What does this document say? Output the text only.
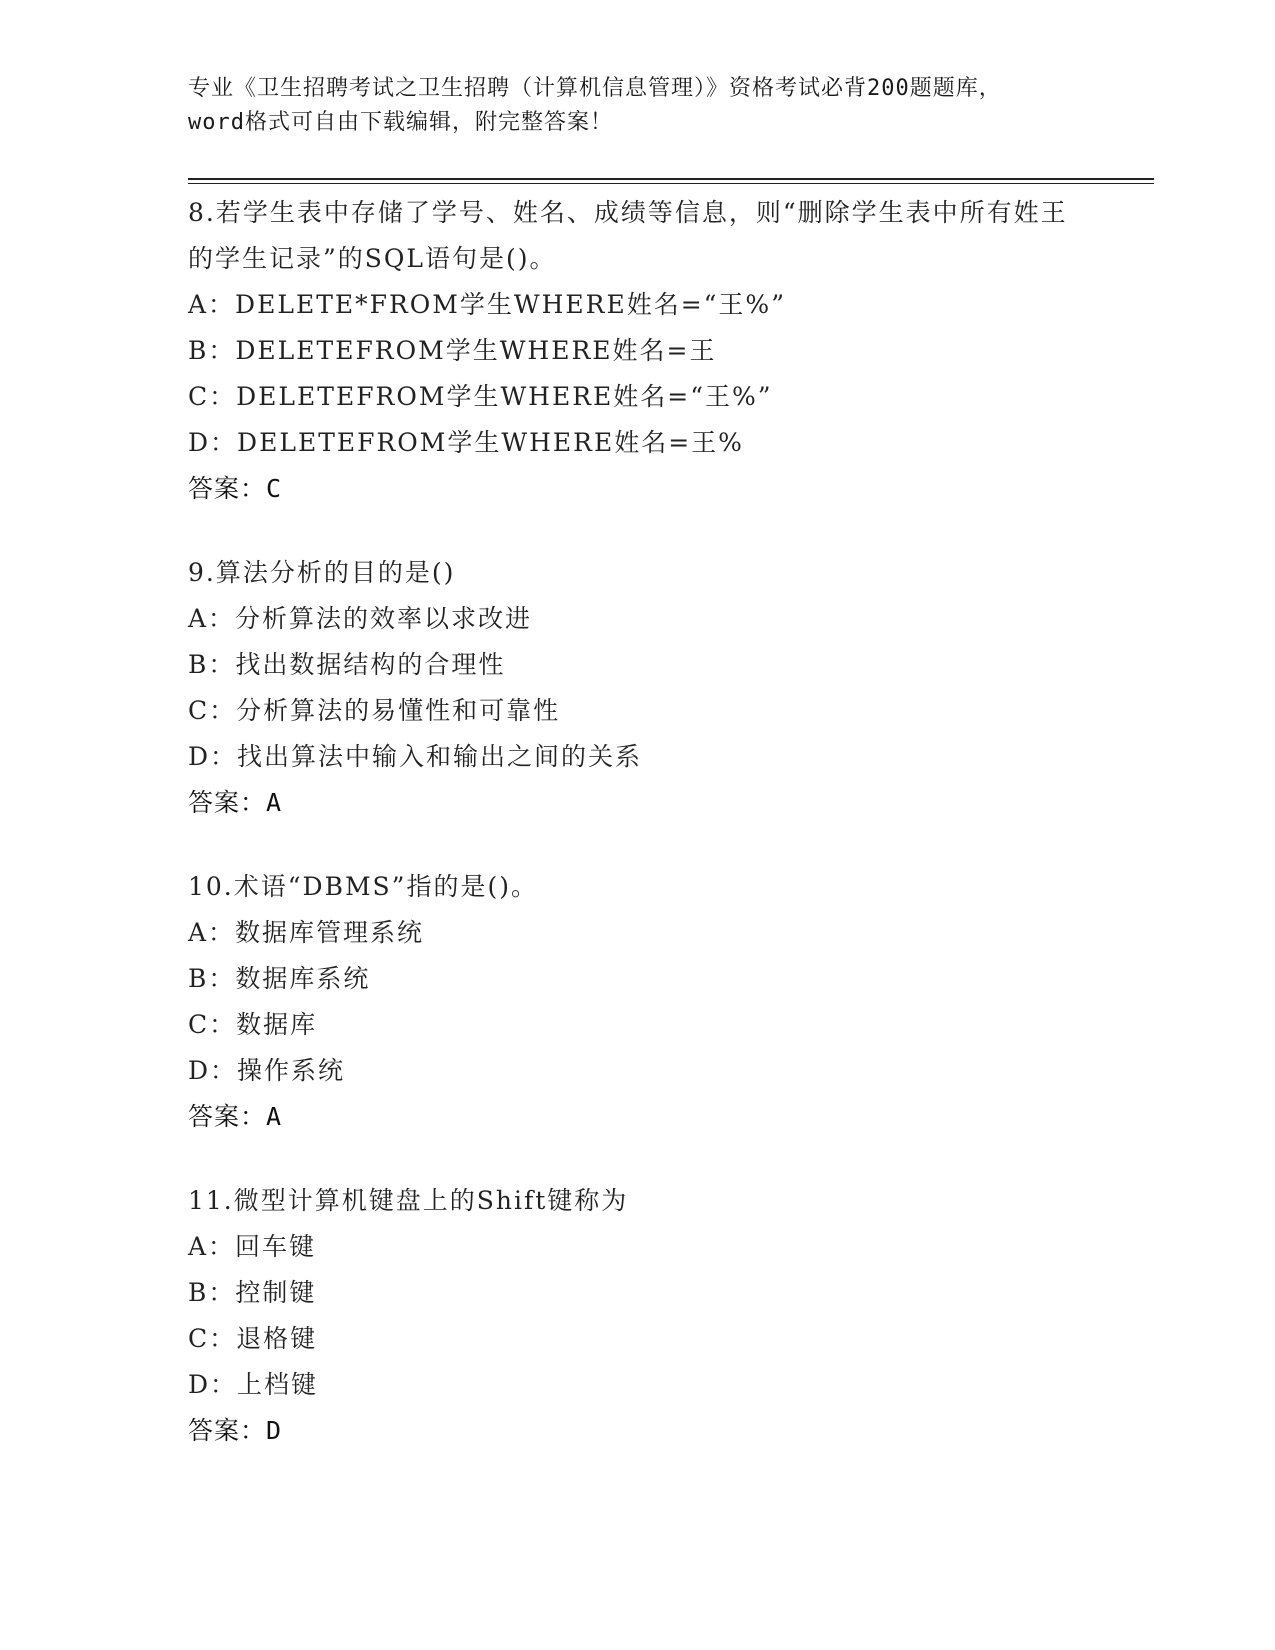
专业《卫生招聘考试之卫生招聘（计算机信息管理）》资格考试必背200题题库，
word格式可自由下载编辑，附完整答案！
8.若学生表中存储了学号、姓名、成绩等信息，则“删除学生表中所有姓王的学生记录”的SQL语句是()。
A：DELETE*FROM学生WHERE姓名=“王%”
B：DELETEFROM学生WHERE姓名=王
C：DELETEFROM学生WHERE姓名=“王%”
D：DELETEFROM学生WHERE姓名=王%
答案：C
9.算法分析的目的是()
A：分析算法的效率以求改进
B：找出数据结构的合理性
C：分析算法的易懂性和可靠性
D：找出算法中输入和输出之间的关系
答案：A
10.术语“DBMS”指的是()。
A：数据库管理系统
B：数据库系统
C：数据库
D：操作系统
答案：A
11.微型计算机键盘上的Shift键称为
A：回车键
B：控制键
C：退格键
D：上档键
答案：D
